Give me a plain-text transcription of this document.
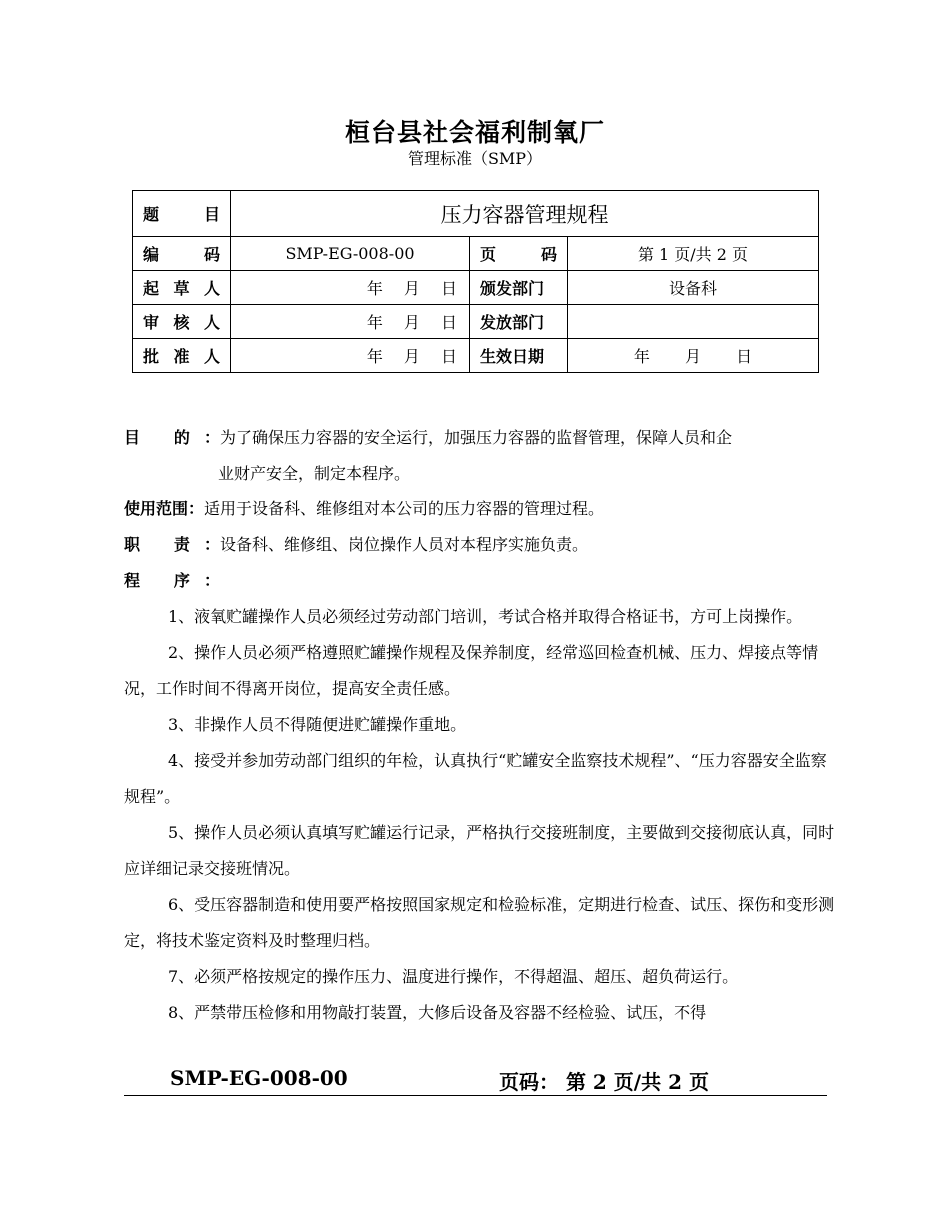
桓台县社会福利制氧厂
管理标准（SMP）
题 目	压力容器管理规程		
编 码	SMP-EG-008-00	页 码	第 1 页/共 2 页
起草人	年 月 日	颁发部门	设备科
审核人	年 月 日	发放部门	
批准人	年 月 日	生效日期	年 月 日
目 的：为了确保压力容器的安全运行，加强压力容器的监督管理，保障人员和企
业财产安全，制定本程序。
使用范围：适用于设备科、维修组对本公司的压力容器的管理过程。
职 责：设备科、维修组、岗位操作人员对本程序实施负责。
程 序：

1、液氧贮罐操作人员必须经过劳动部门培训，考试合格并取得合格证书，方可上岗操作。

2、操作人员必须严格遵照贮罐操作规程及保养制度，经常巡回检查机械、压力、焊接点等情况，工作时间不得离开岗位，提高安全责任感。

3、非操作人员不得随便进贮罐操作重地。

4、接受并参加劳动部门组织的年检，认真执行“贮罐安全监察技术规程”、“压力容器安全监察规程”。

5、操作人员必须认真填写贮罐运行记录，严格执行交接班制度，主要做到交接彻底认真，同时应详细记录交接班情况。

6、受压容器制造和使用要严格按照国家规定和检验标准，定期进行检查、试压、探伤和变形测定，将技术鉴定资料及时整理归档。

7、必须严格按规定的操作压力、温度进行操作，不得超温、超压、超负荷运行。

8、严禁带压检修和用物敲打装置，大修后设备及容器不经检验、试压，不得

SMP-EG-008-00	页码： 第 2 页/共 2 页
